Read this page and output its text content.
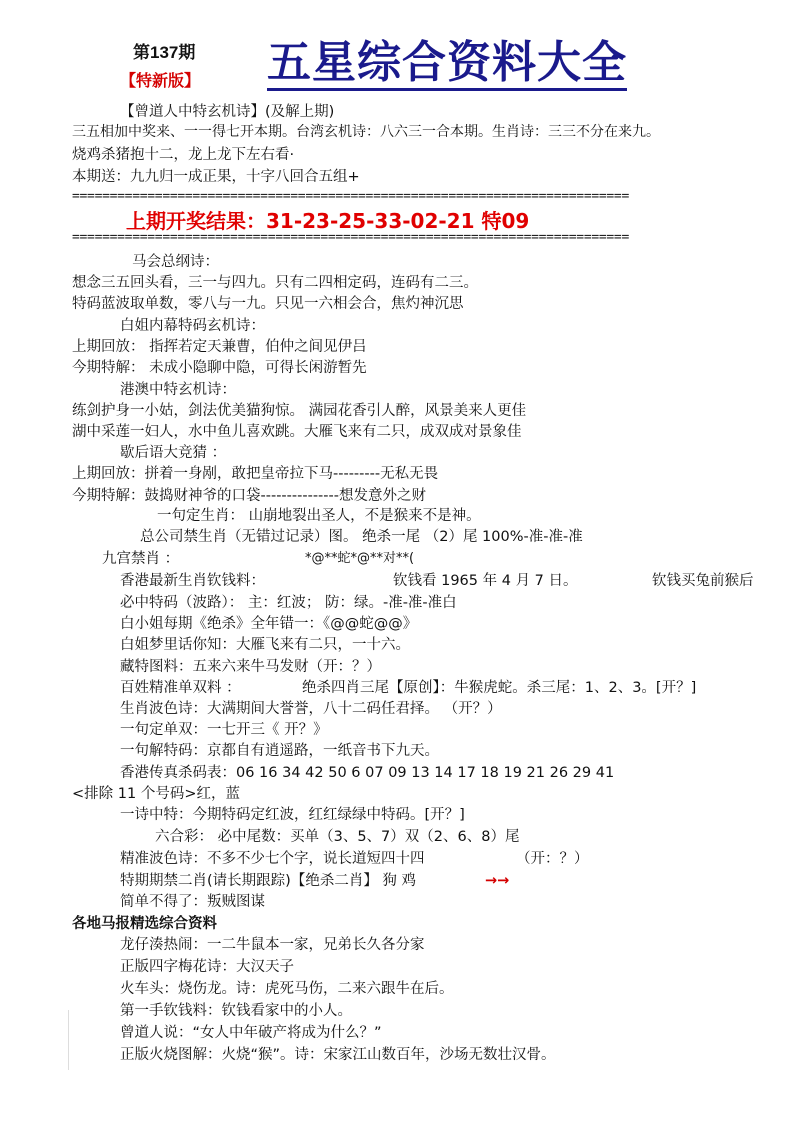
第137期
【特新版】 五星综合资料大全
【曾道人中特玄机诗】(及解上期)
三五相加中奖来、一一得七开本期。台湾玄机诗：八六三一合本期。生肖诗：三三不分在来九。
烧鸡杀猪抱十二，龙上龙下左右看·
本期送：九九归一成正果，十字八回合五组+
==========================================================================
上期开奖结果：31-23-25-33-02-21 特09
==========================================================================
马会总纲诗：
想念三五回头看，三一与四九。只有二四相定码，连码有二三。
特码蓝波取单数，零八与一九。只见一六相会合，焦灼神沉思
白姐内幕特码玄机诗：
上期回放： 指挥若定天兼曹，伯仲之间见伊吕
今期特解： 未成小隐聊中隐，可得长闲游暂先
港澳中特玄机诗：
练剑护身一小姑，剑法优美猫狗惊。 满园花香引人醉，风景美来人更佳
湖中采莲一妇人，水中鱼儿喜欢跳。大雁飞来有二只，成双成对景象佳
歇后语大竞猜 ：
上期回放：拼着一身剐，敢把皇帝拉下马---------无私无畏
今期特解：鼓捣财神爷的口袋---------------想发意外之财
一句定生肖： 山崩地裂出圣人，不是猴来不是神。
总公司禁生肖（无错过记录）图。 绝杀一尾 （2）尾 100%-准-准-准
九宫禁肖 ：	*@**蛇*@**对**(
香港最新生肖钦钱料：	钦钱看 1965 年 4 月 7 日。	钦钱买兔前猴后
必中特码（波路）： 主：红波； 防：绿。-准-准-准白
白小姐每期《绝杀》全年错一：《@@蛇@@》
白姐梦里话你知：大雁飞来有二只，一十六。
藏特图料：五来六来牛马发财（开：？）
百姓精准单双料 ：	绝杀四肖三尾【原创】：牛猴虎蛇。杀三尾：1、2、3。[开？]
生肖波色诗：大满期间大誉誉，八十二码任君择。 （开？）
一句定单双：一七开三《 开？》
一句解特码：京都自有逍遥路，一纸音书下九天。
香港传真杀码表：06 16 34 42 50 6 07 09 13 14 17 18 19 21 26 29 41
<排除 11 个号码>红，蓝
一诗中特：今期特码定红波，红红绿绿中特码。[开？]
六合彩： 必中尾数：买单（3、5、7）双（2、6、8）尾
精准波色诗：不多不少七个字，说长道短四十四	（开：？）
特期期禁二肖(请长期跟踪)【绝杀二肖】 狗 鸡	→→
简单不得了：叛贼图谋
各地马报精选综合资料
龙仔湊热闹：一二牛鼠本一家，兄弟长久各分家
正版四字梅花诗：大汉天子
火车头：烧伤龙。诗：虎死马伤，二来六跟牛在后。
第一手钦钱料：钦钱看家中的小人。
曾道人说：“女人中年破产将成为什么？”
正版火烧图解：火烧“猴”。诗：宋家江山数百年，沙场无数壮汉骨。
